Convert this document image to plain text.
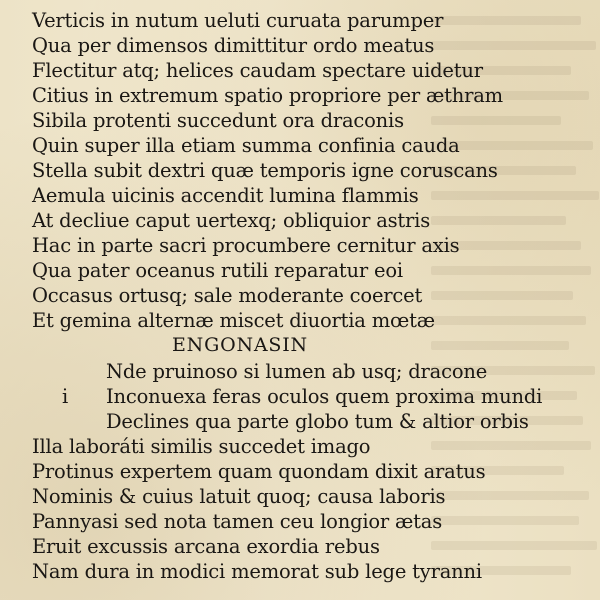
Verticis in nutum ueluti curuata parumper
Qua per dimensos dimittitur ordo meatus
Flectitur atq; helices caudam spectare uidetur
Citius in extremum spatio propriore per æthram
Sibila protenti succedunt ora draconis
Quin super illa etiam summa confinia cauda
Stella subit dextri quæ temporis igne coruscans
Aemula uicinis accendit lumina flammis
At decliue caput uertexq; obliquior astris
Hac in parte sacri procumbere cernitur axis
Qua pater oceanus rutili reparatur eoi
Occasus ortusq; sale moderante coercet
Et gemina alternæ miscet diuortia mœtæ
ENGONASIN
Nde pruinoso si lumen ab usq; dracone
i Inconuexa feras oculos quem proxima mundi
Declines qua parte globo tum & altior orbis
Illa laboráti similis succedet imago
Protinus expertem quam quondam dixit aratus
Nominis & cuius latuit quoq; causa laboris
Pannyasi sed nota tamen ceu longior ætas
Eruit excussis arcana exordia rebus
Nam dura in modici memorat sub lege tyranni
